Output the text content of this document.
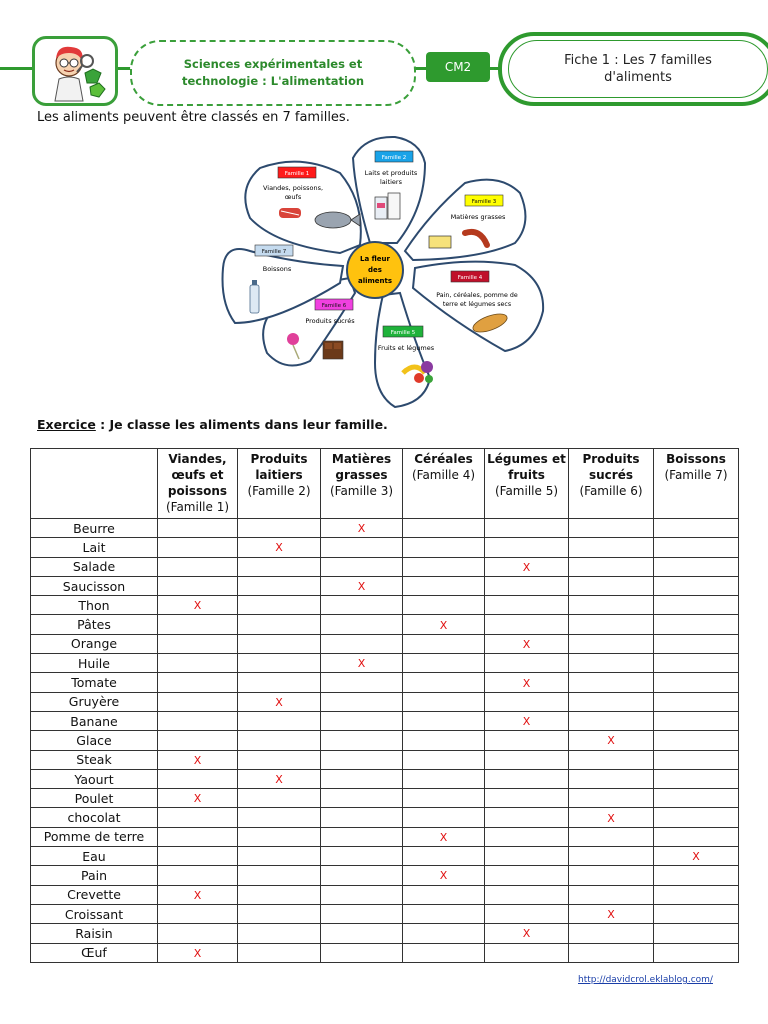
Sciences expérimentales et
technologie : L'alimentation
CM2	Fiche 1 : Les 7 familles
d'aliments
Les aliments peuvent être classés en 7 familles.
Famille 1
Viandes, poissons,
œufs
Famille 2
Laits et produits
laitiers
Famille 3
Matières grasses
Famille 4
Pain, céréales, pomme de
terre et légumes secs
Famille 5
Fruits et légumes
Famille 6
Produits sucrés
Famille 7
Boissons
La fleur
des
aliments
Exercice : Je classe les aliments dans leur famille.

	Viandes, œufs et poissons
(Famille 1)	Produits laitiers
(Famille 2)	Matières grasses
(Famille 3)	Céréales
(Famille 4)	Légumes et fruits
(Famille 5)	Produits sucrés
(Famille 6)	Boissons
(Famille 7)
Beurre			X				
Lait		X					
Salade					X		
Saucisson			X				
Thon	X						
Pâtes				X			
Orange					X		
Huile			X				
Tomate					X		
Gruyère		X					
Banane					X		
Glace						X	
Steak	X						
Yaourt		X					
Poulet	X						
chocolat						X	
Pomme de terre				X			
Eau							X
Pain				X			
Crevette	X						
Croissant						X	
Raisin					X		
Œuf	X						
http://davidcrol.eklablog.com/
